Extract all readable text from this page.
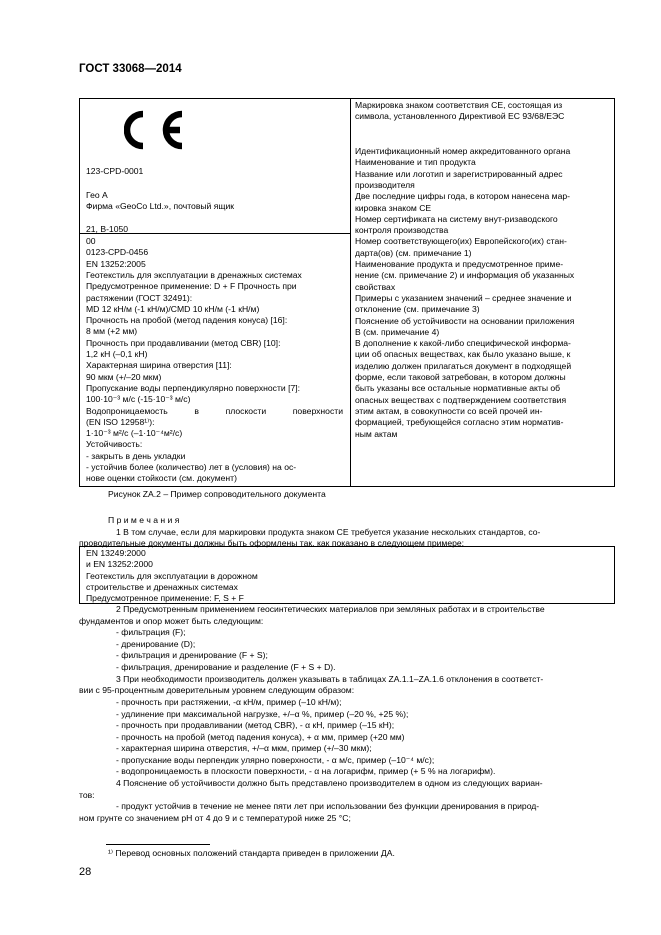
ГОСТ 33068—2014
123-CPD-0001
Гео А
Фирма «GeoCo Ltd.», почтовый ящик
21, В-1050
00
0123-CPD-0456
EN 13252:2005
Геотекстиль для эксплуатации в дренажных системах
Предусмотренное применение: D + F Прочность при
растяжении (ГОСТ 32491):
MD 12 кН/м (-1 кН/м)/CMD 10 кН/м (-1 кН/м)
Прочность на пробой (метод падения конуса) [16]:
8 мм (+2 мм)
Прочность при продавливании (метод CBR) [10]:
1,2 кН (–0,1 кН)
Характерная ширина отверстия [11]:
90 мкм (+/–20 мкм)
Пропускание воды перпендикулярно поверхности [7]:
100·10⁻³ м/с (-15·10⁻³ м/с)
Водопроницаемость в плоскости поверхности
(EN ISO 12958¹⁾):
1·10⁻³ м²/с (–1·10⁻⁴м²/с)
Устойчивость:
- закрыть в день укладки
- устойчив более (количество) лет в (условия) на ос-
нове оценки стойкости (см. документ)
Маркировка знаком соответствия СЕ, состоящая из
символа, установленного Директивой ЕС 93/68/ЕЭС
Идентификационный номер аккредитованного органа
Наименование и тип продукта
Название или логотип и зарегистрированный адрес
производителя
Две последние цифры года, в котором нанесена мар-
кировка знаком СЕ
Номер сертификата на систему внут-ризаводского
контроля производства
Номер соответствующего(их) Европейского(их) стан-
дарта(ов) (см. примечание 1)
Наименование продукта и предусмотренное приме-
нение (см. примечание 2) и информация об указанных
свойствах
Примеры с указанием значений – среднее значение и
отклонение (см. примечание 3)
Пояснение об устойчивости на основании приложения
В (см. примечание 4)
В дополнение к какой-либо специфической информа-
ции об опасных веществах, как было указано выше, к
изделию должен прилагаться документ в подходящей
форме, если таковой затребован, в котором должны
быть указаны все остальные нормативные акты об
опасных веществах с подтверждением соответствия
этим актам, в совокупности со всей прочей ин-
формацией, требующейся согласно этим норматив-
ным актам
Рисунок ZA.2 – Пример сопроводительного документа
П р и м е ч а н и я
1 В том случае, если для маркировки продукта знаком СЕ требуется указание нескольких стандартов, со-
проводительные документы должны быть оформлены так, как показано в следующем примере:
EN 13249:2000
и EN 13252:2000
Геотекстиль для эксплуатации в дорожном
строительстве и дренажных системах
Предусмотренное применение: F, S + F
2 Предусмотренным применением геосинтетических материалов при земляных работах и в строительстве
фундаментов и опор может быть следующим:
- фильтрация (F);
- дренирование (D);
- фильтрация и дренирование (F + S);
- фильтрация, дренирование и разделение (F + S + D).
3 При необходимости производитель должен указывать в таблицах ZA.1.1–ZA.1.6 отклонения в соответст-
вии с 95-процентным доверительным уровнем следующим образом:
- прочность при растяжении, -α кН/м, пример (–10 кН/м);
- удлинение при максимальной нагрузке, +/–α %, пример (–20 %, +25 %);
- прочность при продавливании (метод CBR), - α кН, пример (–15 кН);
- прочность на пробой (метод падения конуса), + α мм, пример (+20 мм)
- характерная ширина отверстия, +/–α мкм, пример (+/–30 мкм);
- пропускание воды перпендик улярно поверхности, - α м/с, пример (–10⁻⁴ м/с);
- водопроницаемость в плоскости поверхности, - α на логарифм, пример (+ 5 % на логарифм).
4 Пояснение об устойчивости должно быть представлено производителем в одном из следующих вариан-
тов:
- продукт устойчив в течение не менее пяти лет при использовании без функции дренирования в природ-
ном грунте со значением рН от 4 до 9 и с температурой ниже 25 °С;
¹⁾ Перевод основных положений стандарта приведен в приложении ДА.
28
